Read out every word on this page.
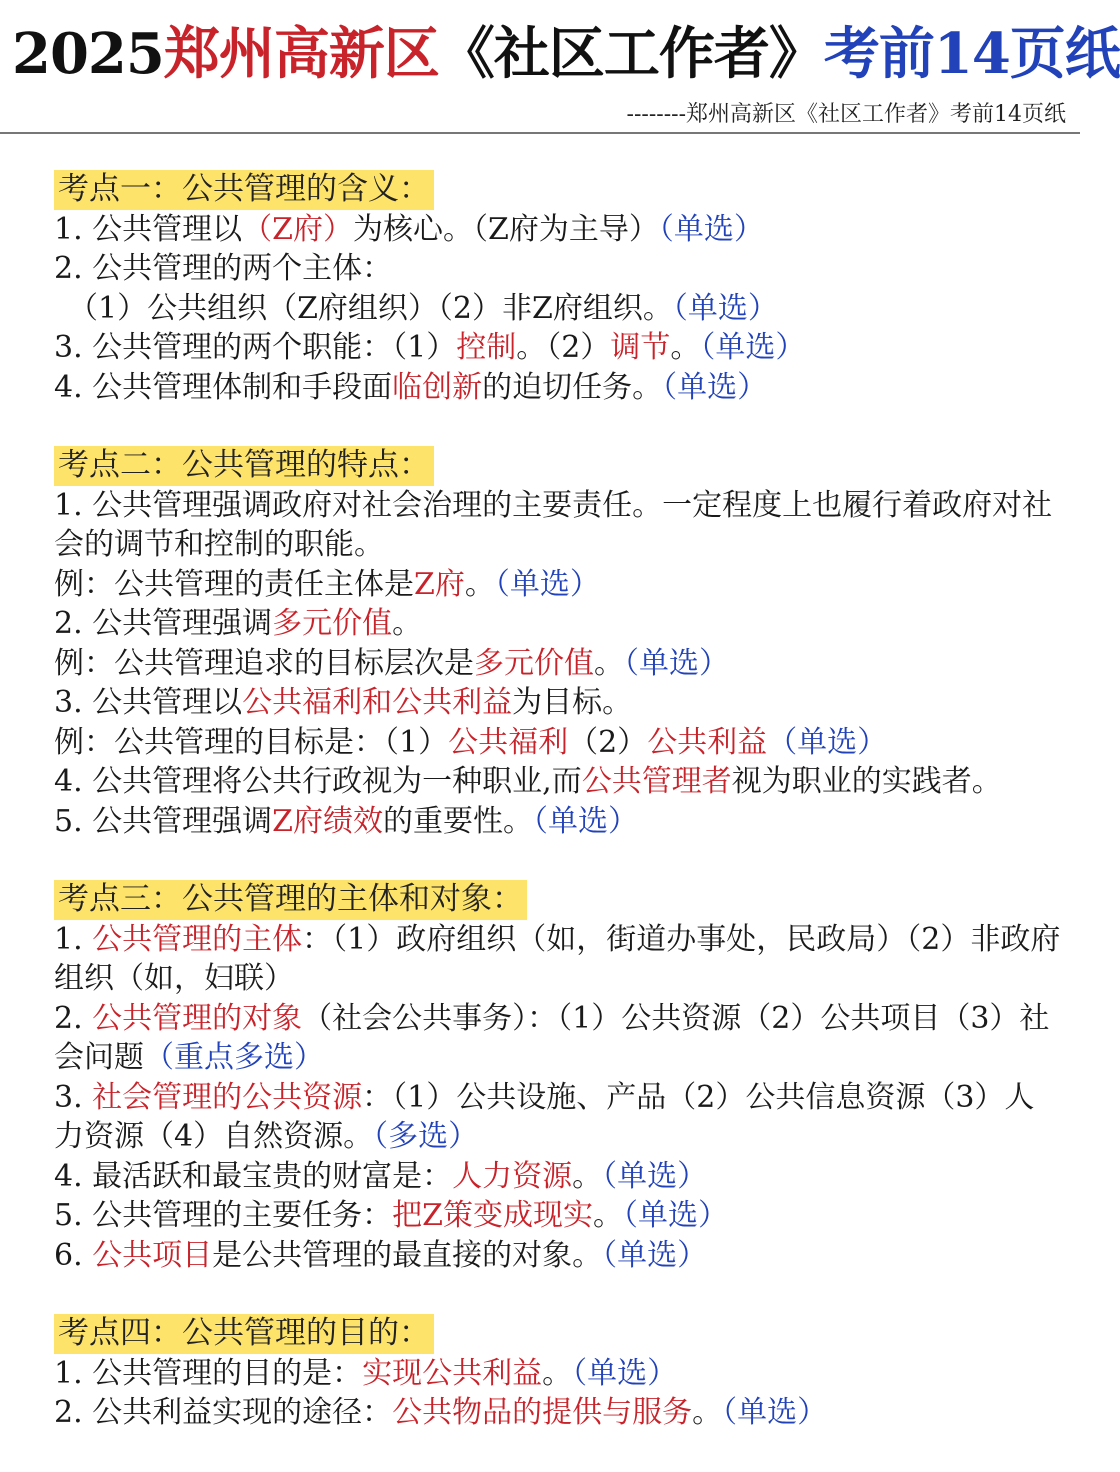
2025郑州高新区《社区工作者》考前14页纸
--------郑州高新区《社区工作者》考前14页纸
考点一：公共管理的含义：
1. 公共管理以（Z府）为核心。（Z府为主导）（单选）
2. 公共管理的两个主体：
（1）公共组织（Z府组织）（2）非Z府组织。（单选）
3. 公共管理的两个职能：（1）控制。（2）调节。（单选）
4. 公共管理体制和手段面临创新的迫切任务。（单选）
考点二：公共管理的特点：
1. 公共管理强调政府对社会治理的主要责任。一定程度上也履行着政府对社会的调节和控制的职能。
例：公共管理的责任主体是Z府。（单选）
2. 公共管理强调多元价值。
例：公共管理追求的目标层次是多元价值。（单选）
3. 公共管理以公共福利和公共利益为目标。
例：公共管理的目标是：（1）公共福利（2）公共利益（单选）
4. 公共管理将公共行政视为一种职业,而公共管理者视为职业的实践者。
5. 公共管理强调Z府绩效的重要性。（单选）
考点三：公共管理的主体和对象：
1. 公共管理的主体：（1）政府组织（如，街道办事处，民政局）（2）非政府组织（如，妇联）
2. 公共管理的对象（社会公共事务）：（1）公共资源（2）公共项目（3）社会问题（重点多选）
3. 社会管理的公共资源：（1）公共设施、产品（2）公共信息资源（3）人力资源（4）自然资源。（多选）
4. 最活跃和最宝贵的财富是：人力资源。（单选）
5. 公共管理的主要任务：把Z策变成现实。（单选）
6. 公共项目是公共管理的最直接的对象。（单选）
考点四：公共管理的目的：
1. 公共管理的目的是：实现公共利益。（单选）
2. 公共利益实现的途径：公共物品的提供与服务。（单选）
